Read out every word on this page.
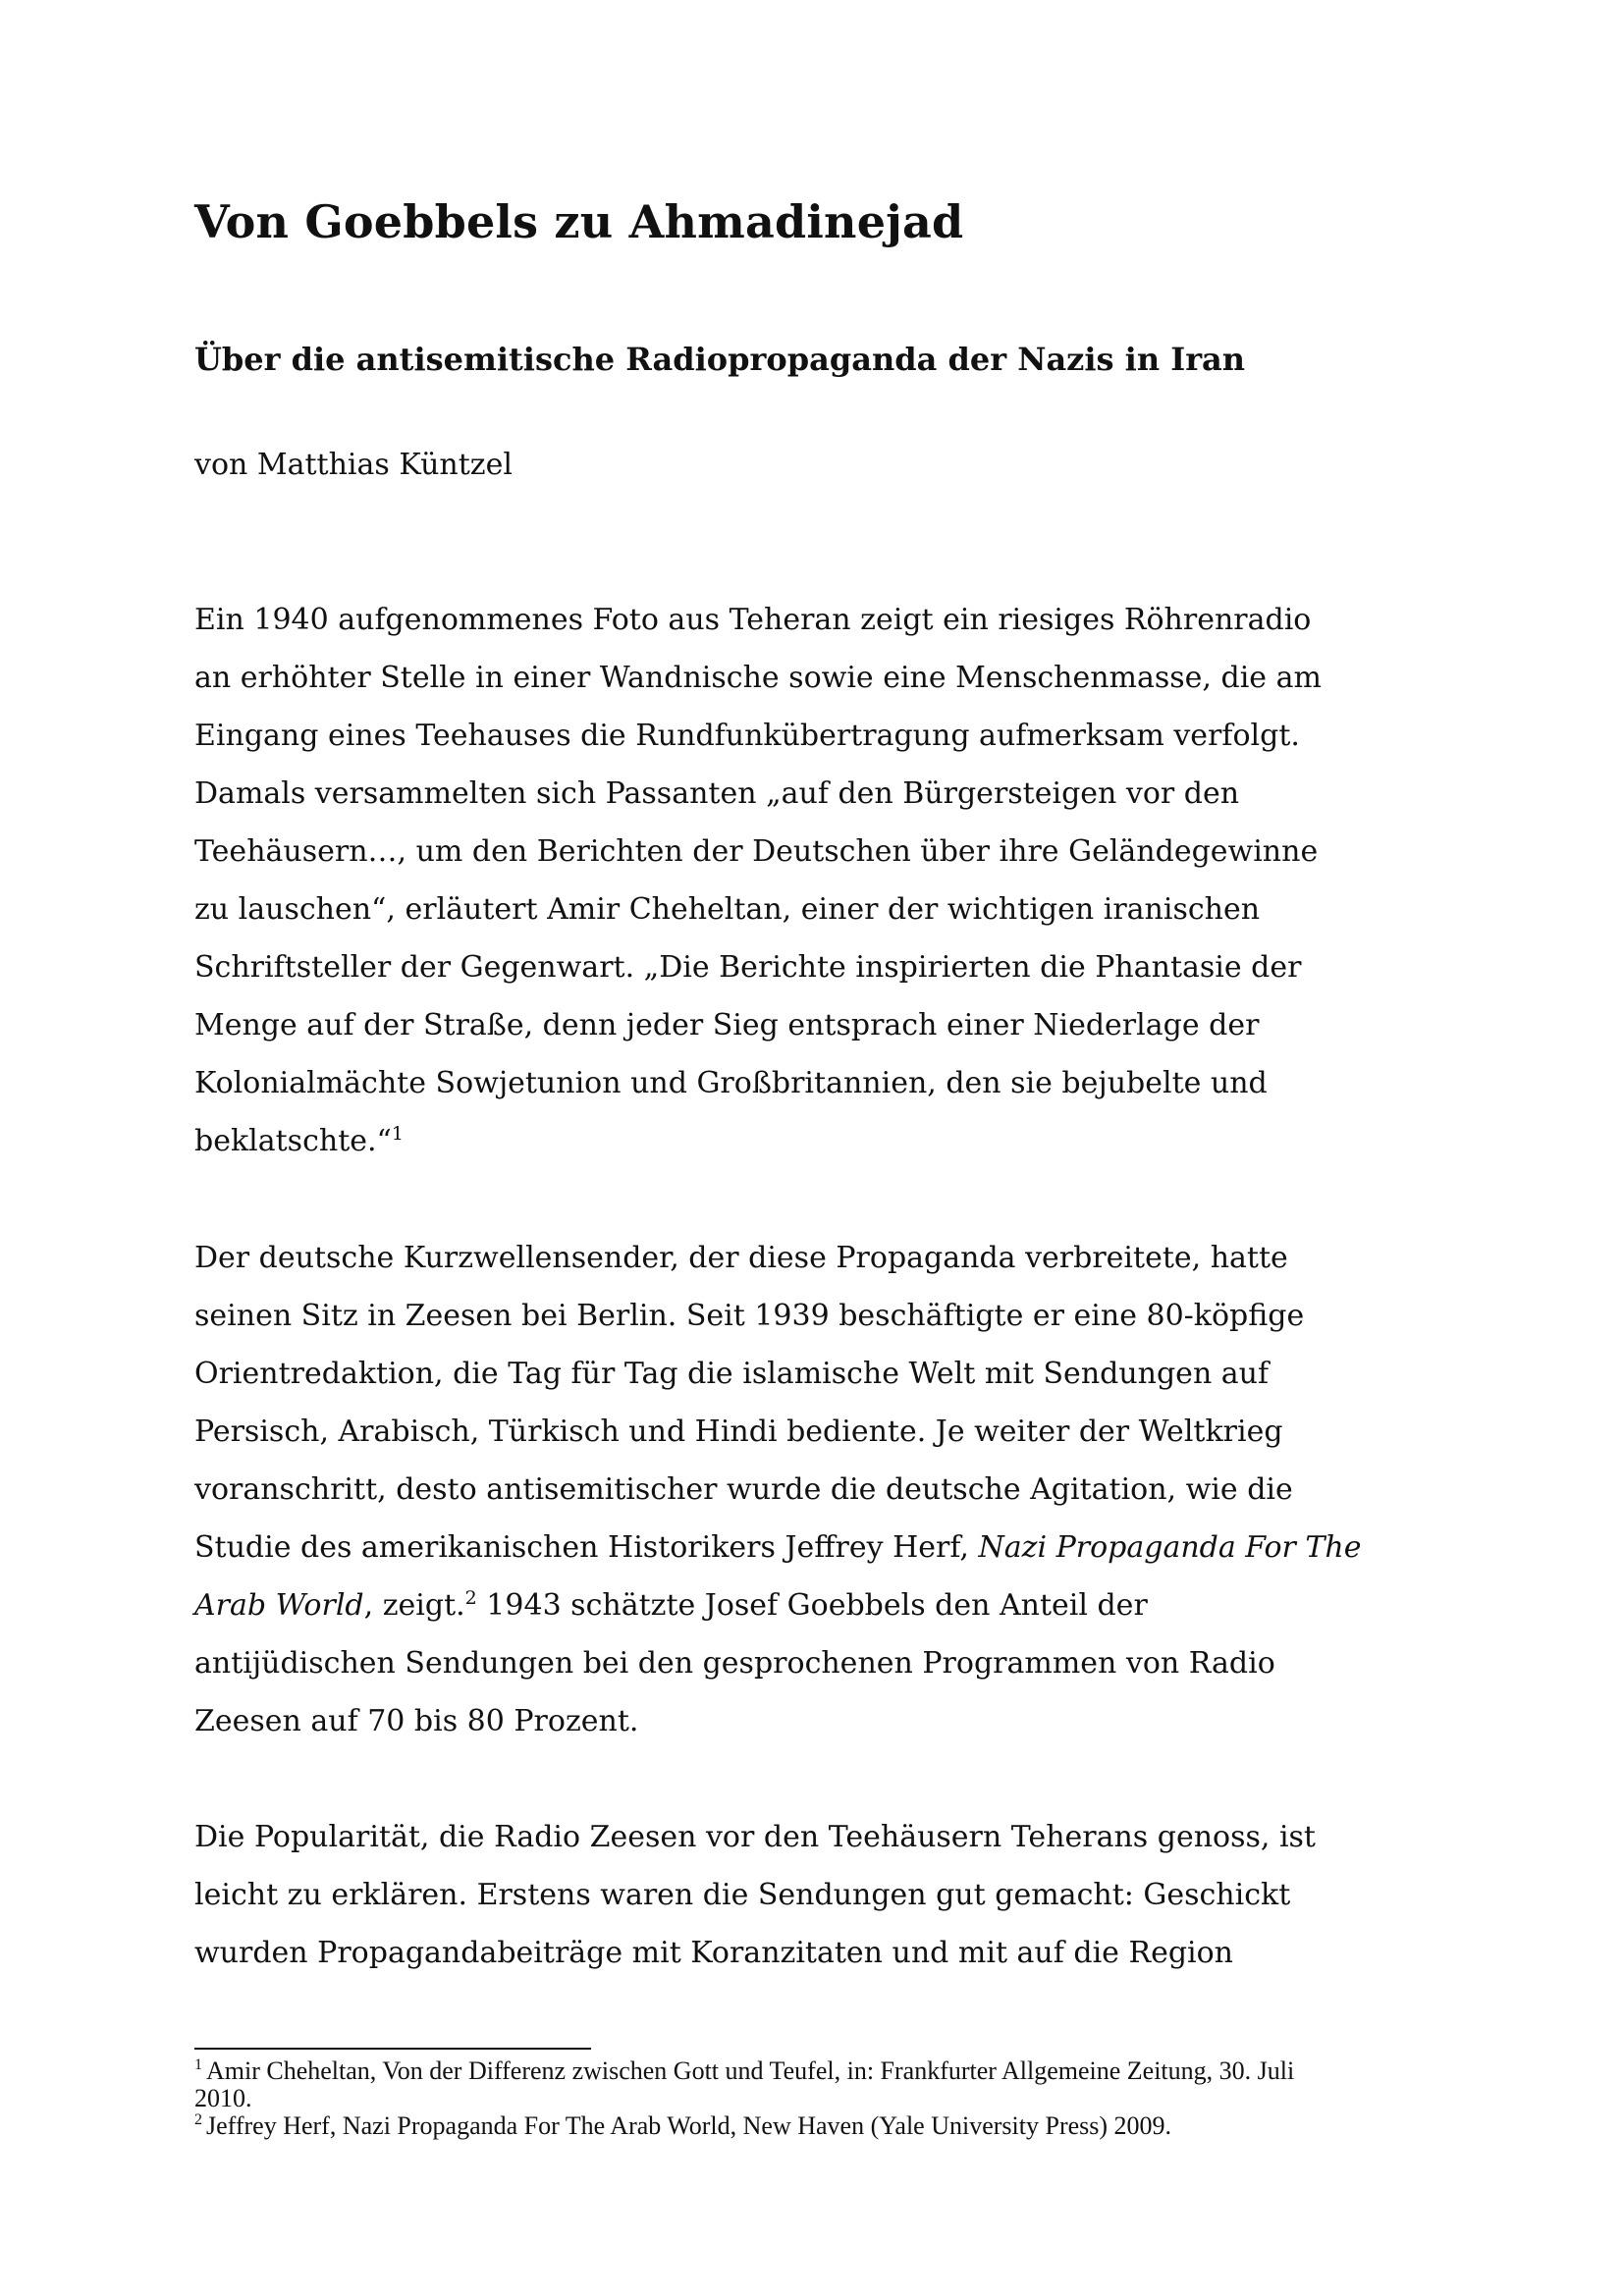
Von Goebbels zu Ahmadinejad
Über die antisemitische Radiopropaganda der Nazis in Iran

von Matthias Küntzel

Ein 1940 aufgenommenes Foto aus Teheran zeigt ein riesiges Röhrenradio
an erhöhter Stelle in einer Wandnische sowie eine Menschenmasse, die am
Eingang eines Teehauses die Rundfunkübertragung aufmerksam verfolgt.
Damals versammelten sich Passanten „auf den Bürgersteigen vor den
Teehäusern…, um den Berichten der Deutschen über ihre Geländegewinne
zu lauschen“, erläutert Amir Cheheltan, einer der wichtigen iranischen
Schriftsteller der Gegenwart. „Die Berichte inspirierten die Phantasie der
Menge auf der Straße, denn jeder Sieg entsprach einer Niederlage der
Kolonialmächte Sowjetunion und Großbritannien, den sie bejubelte und
beklatschte.“$^1$
Der deutsche Kurzwellensender, der diese Propaganda verbreitete, hatte
seinen Sitz in Zeesen bei Berlin. Seit 1939 beschäftigte er eine 80-köpfige
Orientredaktion, die Tag für Tag die islamische Welt mit Sendungen auf
Persisch, Arabisch, Türkisch und Hindi bediente. Je weiter der Weltkrieg
voranschritt, desto antisemitischer wurde die deutsche Agitation, wie die
Studie des amerikanischen Historikers Jeffrey Herf, Nazi Propaganda For The
Arab World, zeigt.$^2$ 1943 schätzte Josef Goebbels den Anteil der
antijüdischen Sendungen bei den gesprochenen Programmen von Radio
Zeesen auf 70 bis 80 Prozent.
Die Popularität, die Radio Zeesen vor den Teehäusern Teherans genoss, ist
leicht zu erklären. Erstens waren die Sendungen gut gemacht: Geschickt
wurden Propagandabeiträge mit Koranzitaten und mit auf die Region
$^1$ Amir Cheheltan, Von der Differenz zwischen Gott und Teufel, in: Frankfurter Allgemeine Zeitung, 30. Juli
2010.
$^2$ Jeffrey Herf, Nazi Propaganda For The Arab World, New Haven (Yale University Press) 2009.
